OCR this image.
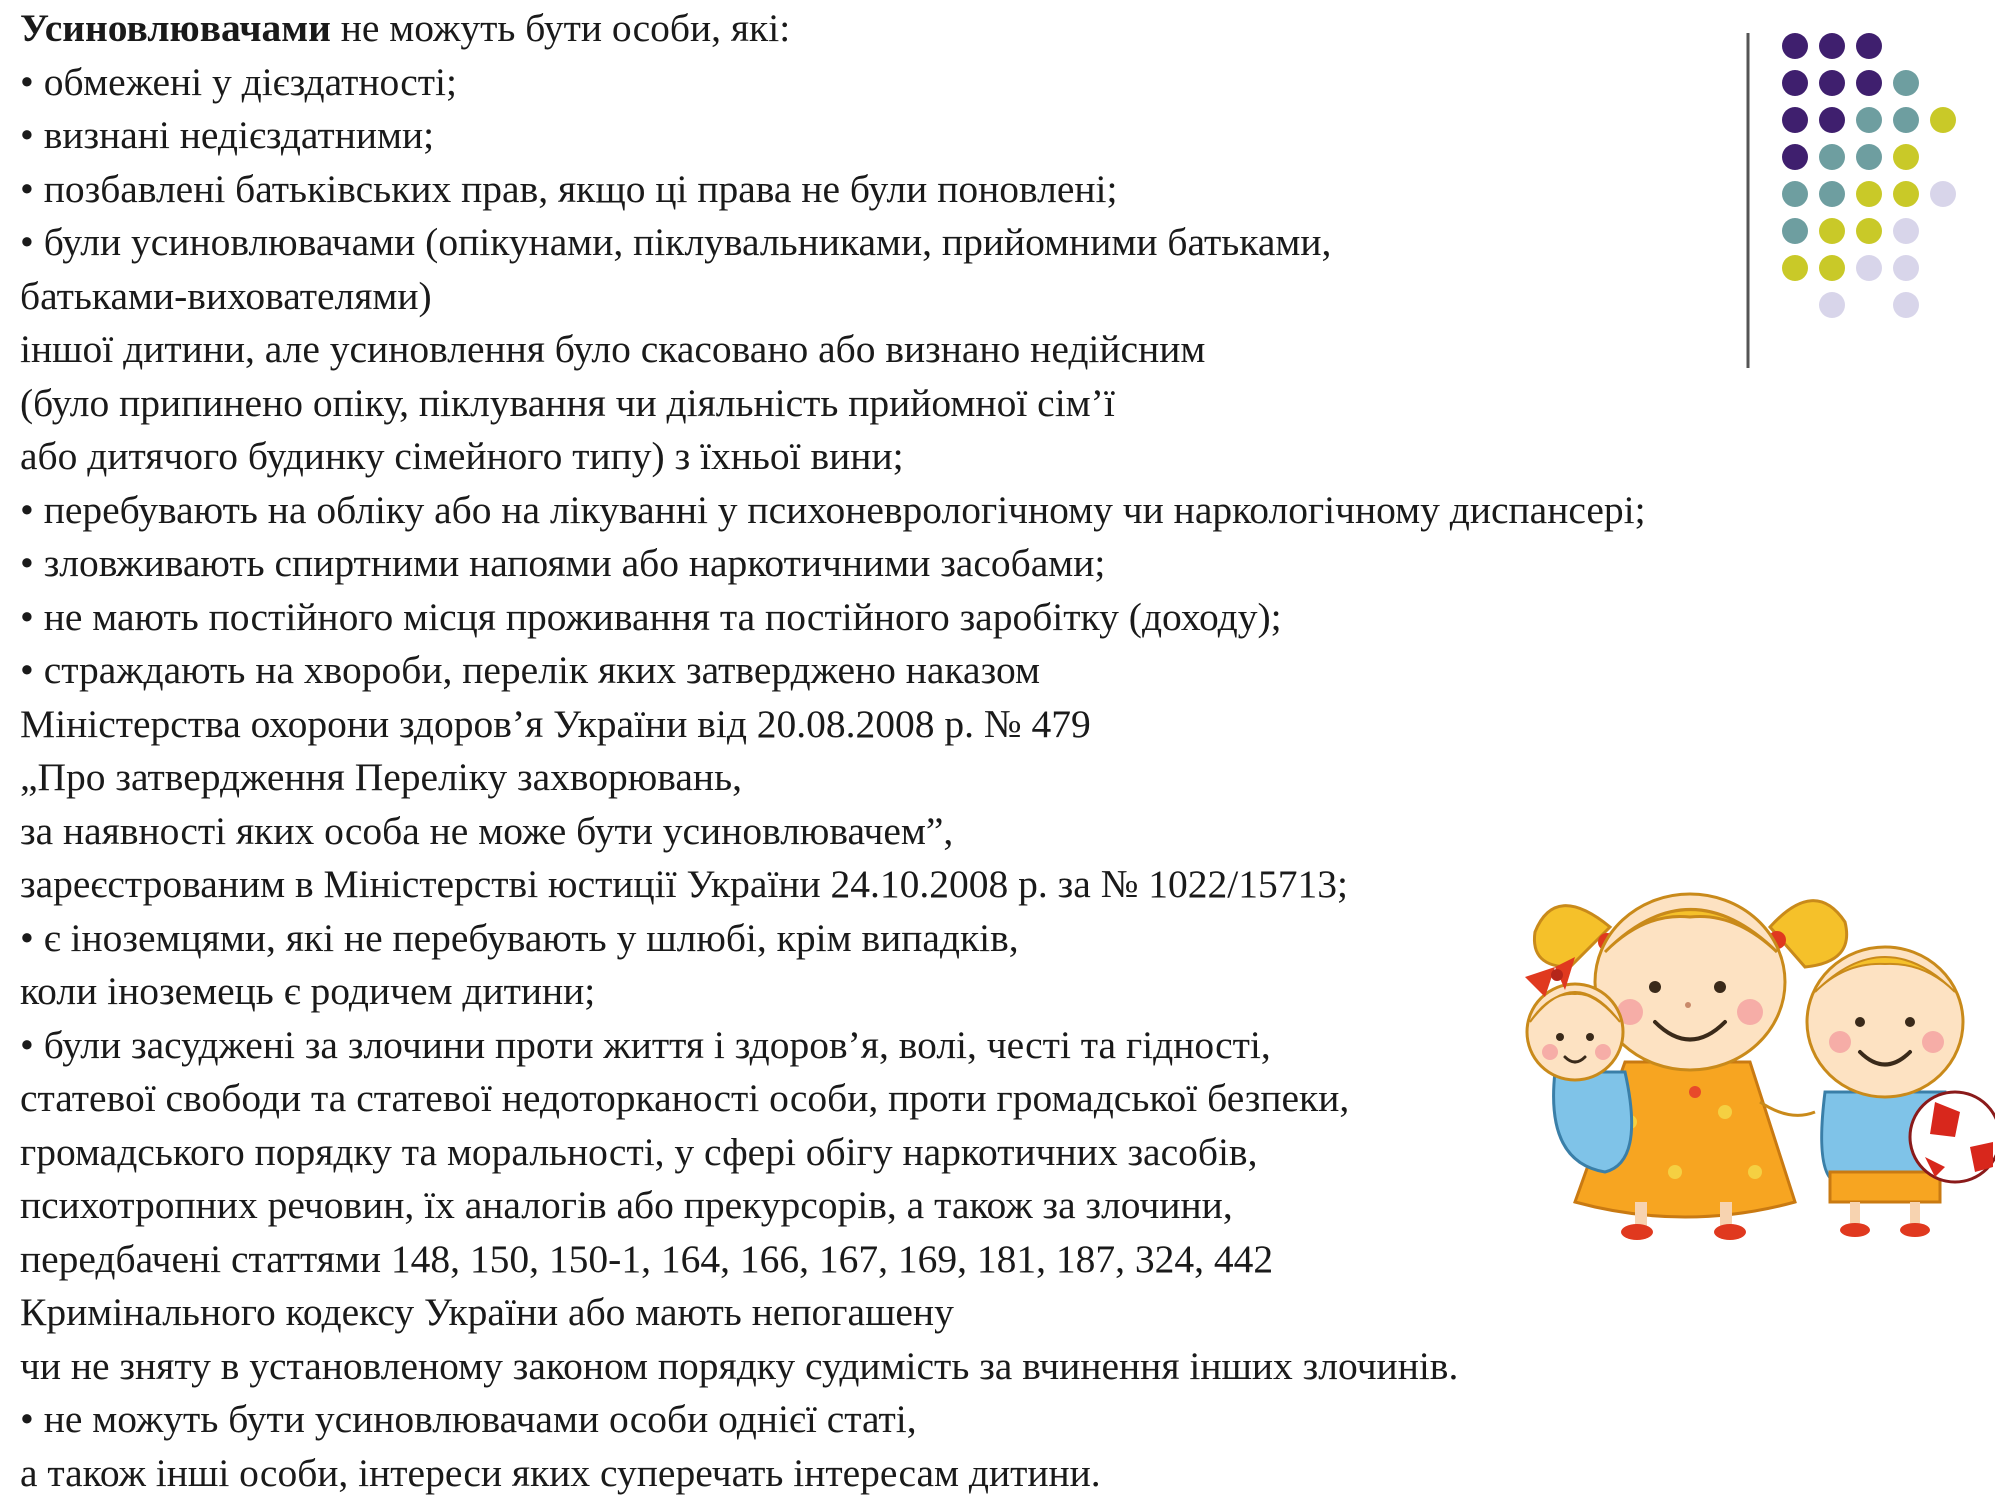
Усиновлювачами не можуть бути особи, які:
• обмежені у дієздатності;
• визнані недієздатними;
• позбавлені батьківських прав, якщо ці права не були поновлені;
• були усиновлювачами (опікунами, піклувальниками, прийомними батьками,
батьками-вихователями)
іншої дитини, але усиновлення було скасовано або визнано недійсним
(було припинено опіку, піклування чи діяльність прийомної сім’ї
або дитячого будинку сімейного типу) з їхньої вини;
• перебувають на обліку або на лікуванні у психоневрологічному чи наркологічному диспансері;
• зловживають спиртними напоями або наркотичними засобами;
• не мають постійного місця проживання та постійного заробітку (доходу);
• страждають на хвороби, перелік яких затверджено наказом
Міністерства охорони здоров’я України від 20.08.2008 р. № 479
„Про затвердження Переліку захворювань,
за наявності яких особа не може бути усиновлювачем”,
зареєстрованим в Міністерстві юстиції України 24.10.2008 р. за № 1022/15713;
• є іноземцями, які не перебувають у шлюбі, крім випадків,
коли іноземець є родичем дитини;
• були засуджені за злочини проти життя і здоров’я, волі, честі та гідності,
статевої свободи та статевої недоторканості особи, проти громадської безпеки,
громадського порядку та моральності, у сфері обігу наркотичних засобів,
психотропних речовин, їх аналогів або прекурсорів, а також за злочини,
передбачені статтями 148, 150, 150-1, 164, 166, 167, 169, 181, 187, 324, 442
Кримінального кодексу України або мають непогашену
чи не зняту в установленому законом порядку судимість за вчинення інших злочинів.
• не можуть бути усиновлювачами особи однієї статі,
а також інші особи, інтереси яких суперечать інтересам дитини.
